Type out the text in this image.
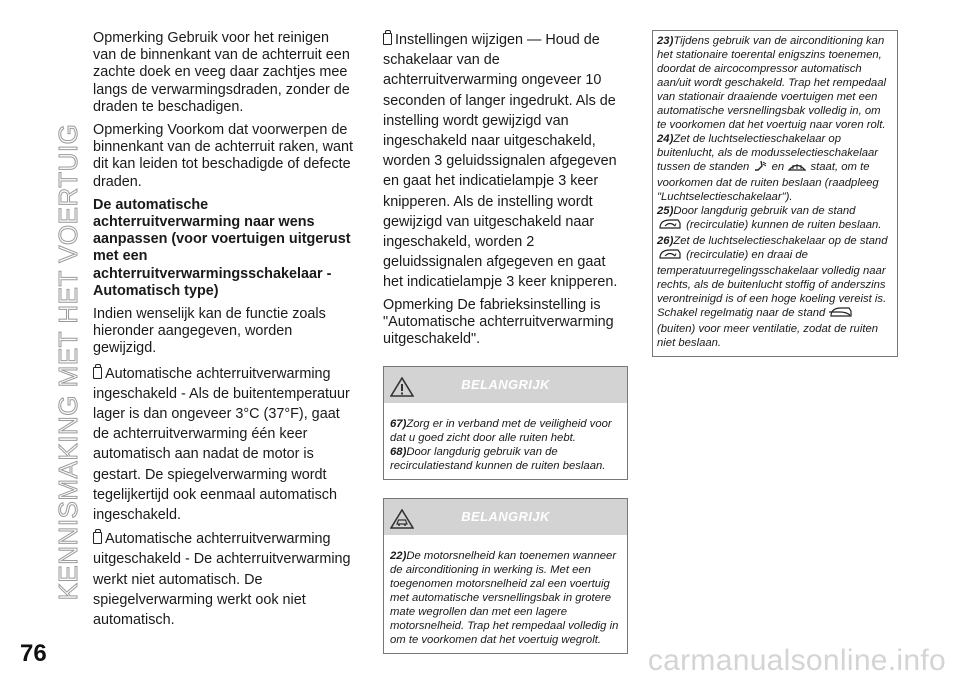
KENNISMAKING MET HET VOERTUIG
76	carmanualsonline.info

Opmerking Gebruik voor het reinigen van de binnenkant van de achterruit een zachte doek en veeg daar zachtjes mee langs de verwarmingsdraden, zonder de draden te beschadigen.

Opmerking Voorkom dat voorwerpen de binnenkant van de achterruit raken, want dit kan leiden tot beschadigde of defecte draden.

De automatische achterruitverwarming naar wens aanpassen (voor voertuigen uitgerust met een achterruitverwarmingsschakelaar - Automatisch type)

Indien wenselijk kan de functie zoals hieronder aangegeven, worden gewijzigd.

Automatische achterruitverwarming ingeschakeld - Als de buitentemperatuur lager is dan ongeveer 3°C (37°F), gaat de achterruitverwarming één keer automatisch aan nadat de motor is gestart. De spiegelverwarming wordt tegelijkertijd ook eenmaal automatisch ingeschakeld.

Automatische achterruitverwarming uitgeschakeld - De achterruitverwarming werkt niet automatisch. De spiegelverwarming werkt ook niet automatisch.

Instellingen wijzigen — Houd de schakelaar van de achterruitverwarming ongeveer 10 seconden of langer ingedrukt. Als de instelling wordt gewijzigd van ingeschakeld naar uitgeschakeld, worden 3 geluidssignalen afgegeven en gaat het indicatielampje 3 keer knipperen. Als de instelling wordt gewijzigd van uitgeschakeld naar ingeschakeld, worden 2 geluidssignalen afgegeven en gaat het indicatielampje 3 keer knipperen.

Opmerking De fabrieksinstelling is "Automatische achterruitverwarming uitgeschakeld".

BELANGRIJK

67)Zorg er in verband met de veiligheid voor dat u goed zicht door alle ruiten hebt.

68)Door langdurig gebruik van de recirculatiestand kunnen de ruiten beslaan.

BELANGRIJK

22)De motorsnelheid kan toenemen wanneer de airconditioning in werking is. Met een toegenomen motorsnelheid zal een voertuig met automatische versnellingsbak in grotere mate wegrollen dan met een lagere motorsnelheid. Trap het rempedaal volledig in om te voorkomen dat het voertuig wegrolt.

23)Tijdens gebruik van de airconditioning kan het stationaire toerental enigszins toenemen, doordat de aircocompressor automatisch aan/uit wordt geschakeld. Trap het rempedaal van stationair draaiende voertuigen met een automatische versnellingsbak volledig in, om te voorkomen dat het voertuig naar voren rolt.

24)Zet de luchtselectieschakelaar op buitenlucht, als de modusselectieschakelaar tussen de standen en staat, om te voorkomen dat de ruiten beslaan (raadpleeg "Luchtselectieschakelaar").

25)Door langdurig gebruik van de stand
(recirculatie) kunnen de ruiten beslaan.

26)Zet de luchtselectieschakelaar op de stand  (recirculatie) en draai de temperatuurregelingsschakelaar volledig naar rechts, als de buitenlucht stoffig of anderszins verontreinigd is of een hoge koeling vereist is. Schakel regelmatig naar de stand  (buiten) voor meer ventilatie, zodat de ruiten niet beslaan.
